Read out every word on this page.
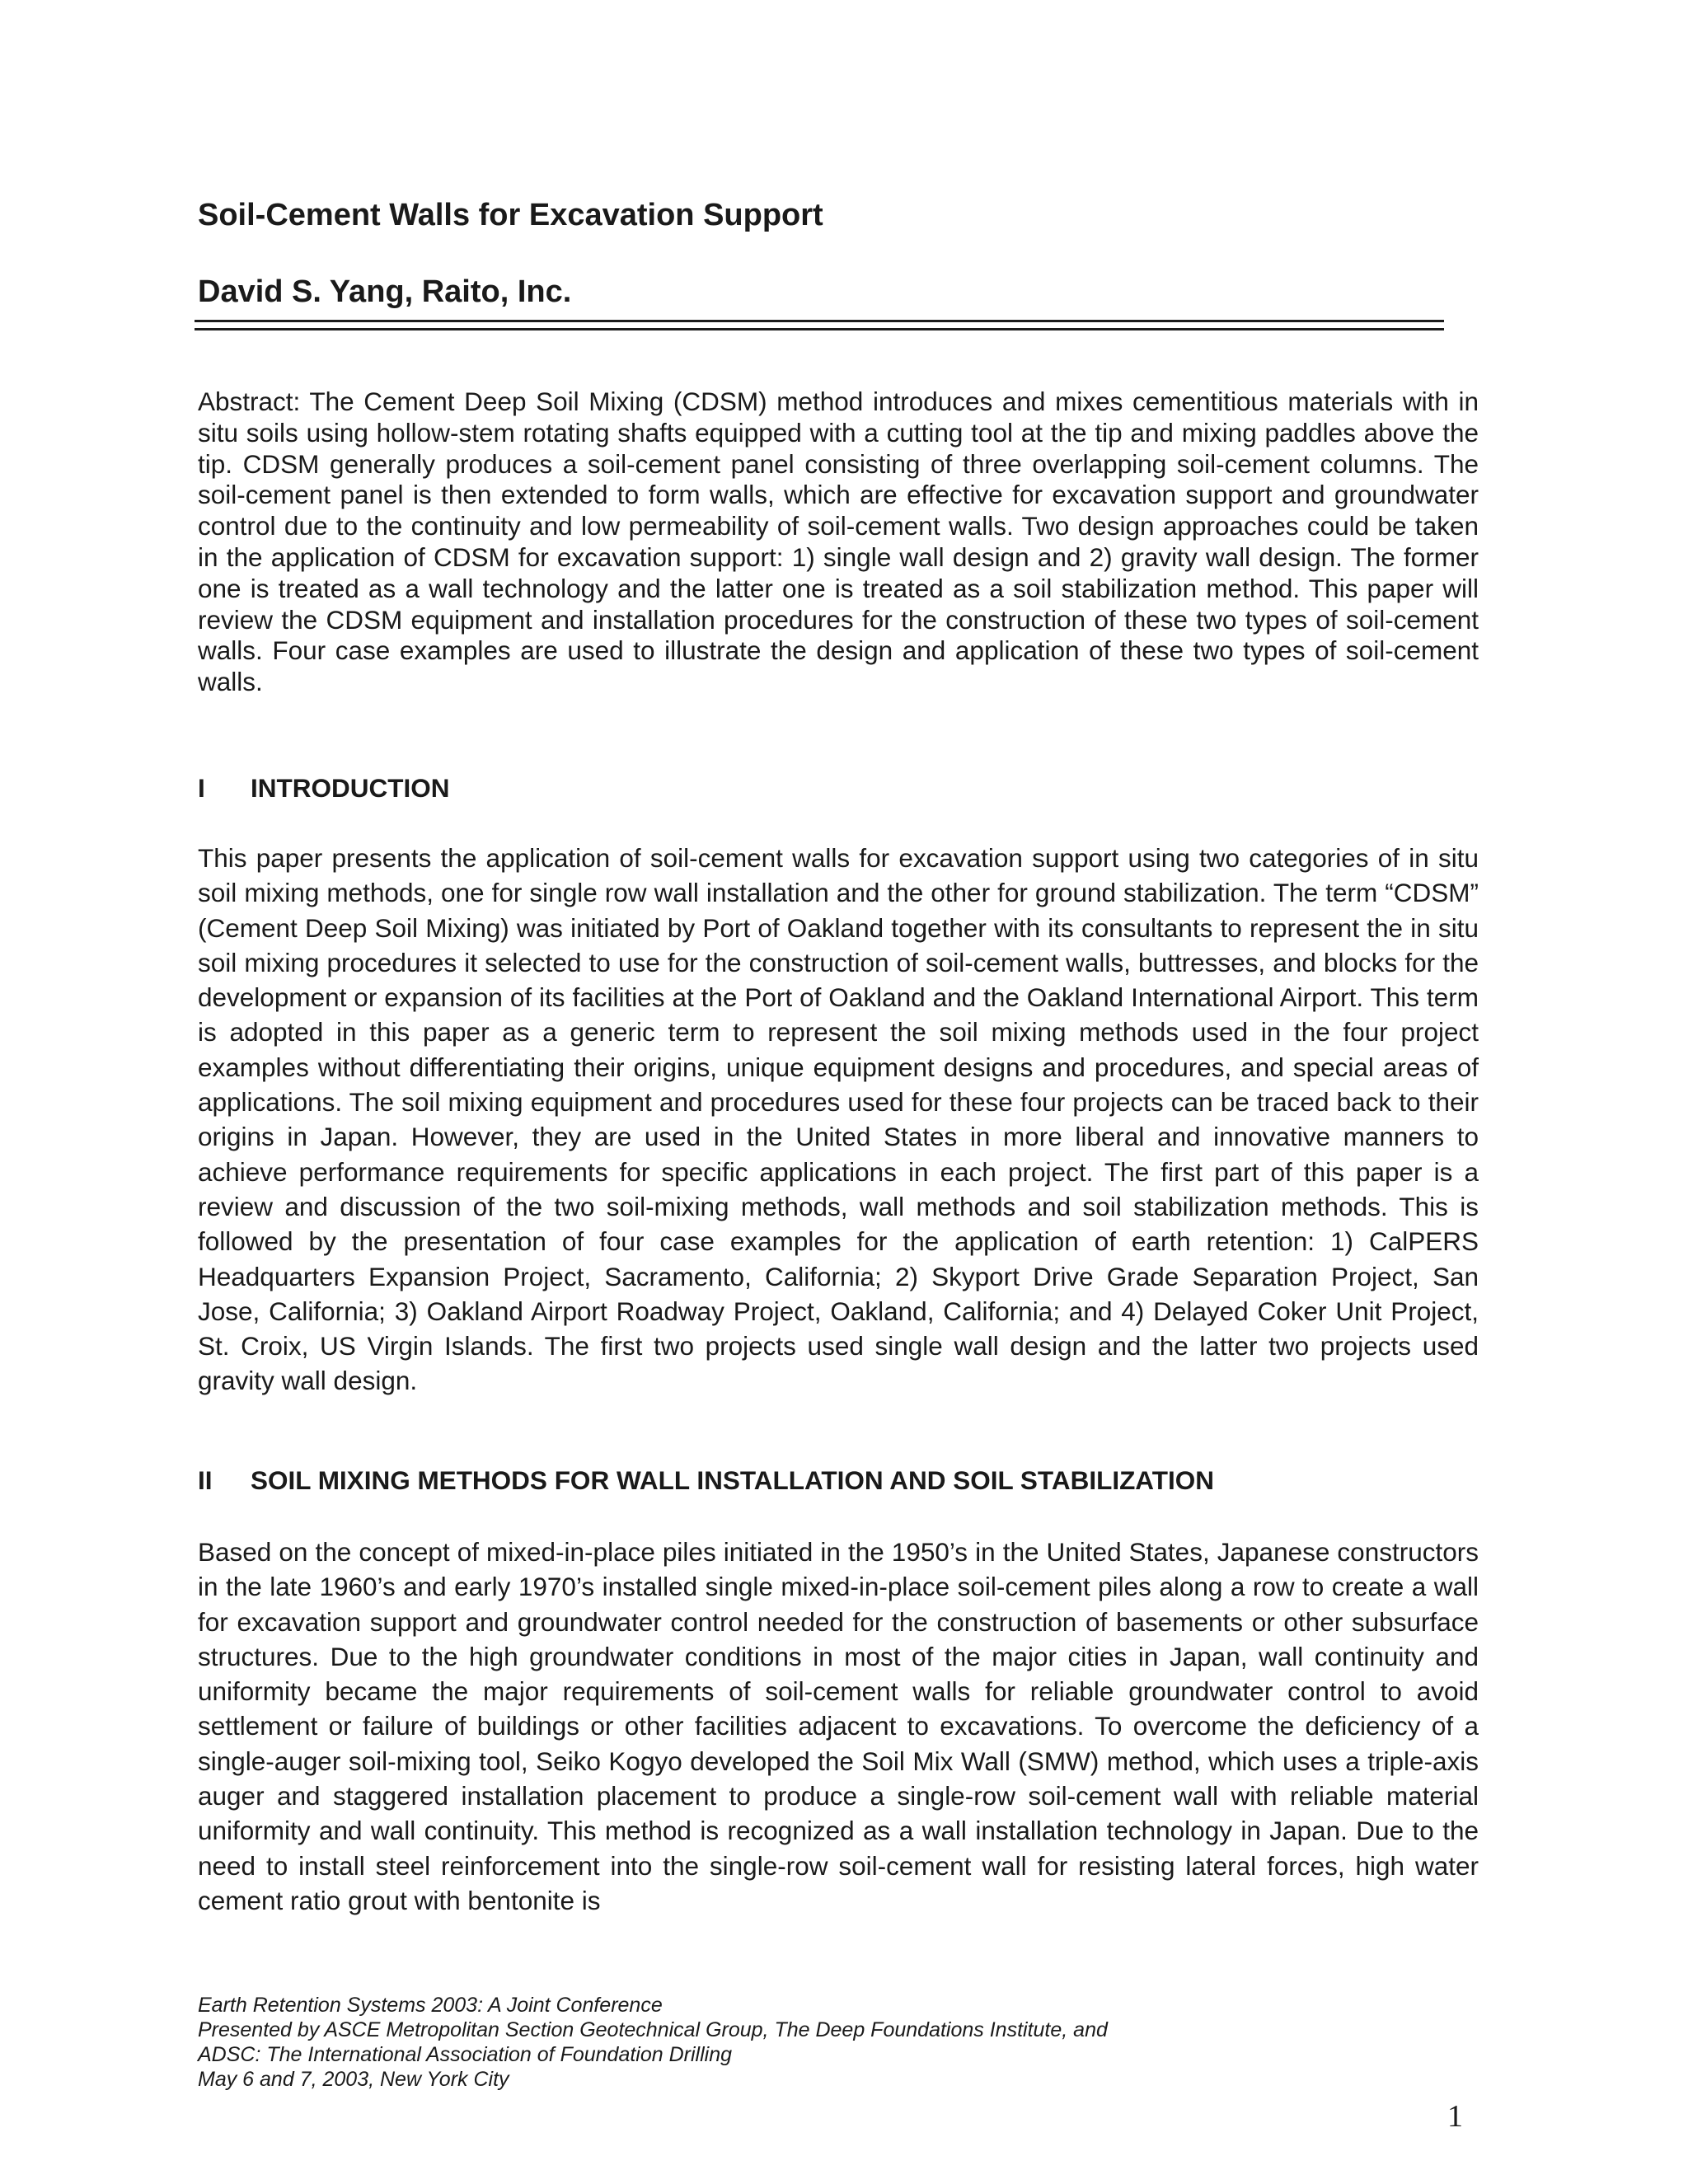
Soil-Cement Walls for Excavation Support
David S. Yang, Raito, Inc.

Abstract: The Cement Deep Soil Mixing (CDSM) method introduces and mixes cementitious materials with in situ soils using hollow-stem rotating shafts equipped with a cutting tool at the tip and mixing paddles above the tip. CDSM generally produces a soil-cement panel consisting of three overlapping soil-cement columns. The soil-cement panel is then extended to form walls, which are effective for excavation support and groundwater control due to the continuity and low permeability of soil-cement walls. Two design approaches could be taken in the application of CDSM for excavation support: 1) single wall design and 2) gravity wall design. The former one is treated as a wall technology and the latter one is treated as a soil stabilization method. This paper will review the CDSM equipment and installation procedures for the construction of these two types of soil-cement walls. Four case examples are used to illustrate the design and application of these two types of soil-cement walls.

I INTRODUCTION

This paper presents the application of soil-cement walls for excavation support using two categories of in situ soil mixing methods, one for single row wall installation and the other for ground stabilization. The term “CDSM” (Cement Deep Soil Mixing) was initiated by Port of Oakland together with its consultants to represent the in situ soil mixing procedures it selected to use for the construction of soil-cement walls, buttresses, and blocks for the development or expansion of its facilities at the Port of Oakland and the Oakland International Airport. This term is adopted in this paper as a generic term to represent the soil mixing methods used in the four project examples without differentiating their origins, unique equipment designs and procedures, and special areas of applications. The soil mixing equipment and procedures used for these four projects can be traced back to their origins in Japan. However, they are used in the United States in more liberal and innovative manners to achieve performance requirements for specific applications in each project. The first part of this paper is a review and discussion of the two soil-mixing methods, wall methods and soil stabilization methods. This is followed by the presentation of four case examples for the application of earth retention: 1) CalPERS Headquarters Expansion Project, Sacramento, California; 2) Skyport Drive Grade Separation Project, San Jose, California; 3) Oakland Airport Roadway Project, Oakland, California; and 4) Delayed Coker Unit Project, St. Croix, US Virgin Islands. The first two projects used single wall design and the latter two projects used gravity wall design.

II SOIL MIXING METHODS FOR WALL INSTALLATION AND SOIL STABILIZATION

Based on the concept of mixed-in-place piles initiated in the 1950’s in the United States, Japanese constructors in the late 1960’s and early 1970’s installed single mixed-in-place soil-cement piles along a row to create a wall for excavation support and groundwater control needed for the construction of basements or other subsurface structures. Due to the high groundwater conditions in most of the major cities in Japan, wall continuity and uniformity became the major requirements of soil-cement walls for reliable groundwater control to avoid settlement or failure of buildings or other facilities adjacent to excavations. To overcome the deficiency of a single-auger soil-mixing tool, Seiko Kogyo developed the Soil Mix Wall (SMW) method, which uses a triple-axis auger and staggered installation placement to produce a single-row soil-cement wall with reliable material uniformity and wall continuity. This method is recognized as a wall installation technology in Japan. Due to the need to install steel reinforcement into the single-row soil-cement wall for resisting lateral forces, high water cement ratio grout with bentonite is

Earth Retention Systems 2003: A Joint Conference
Presented by ASCE Metropolitan Section Geotechnical Group, The Deep Foundations Institute, and
ADSC: The International Association of Foundation Drilling
May 6 and 7, 2003, New York City
1
